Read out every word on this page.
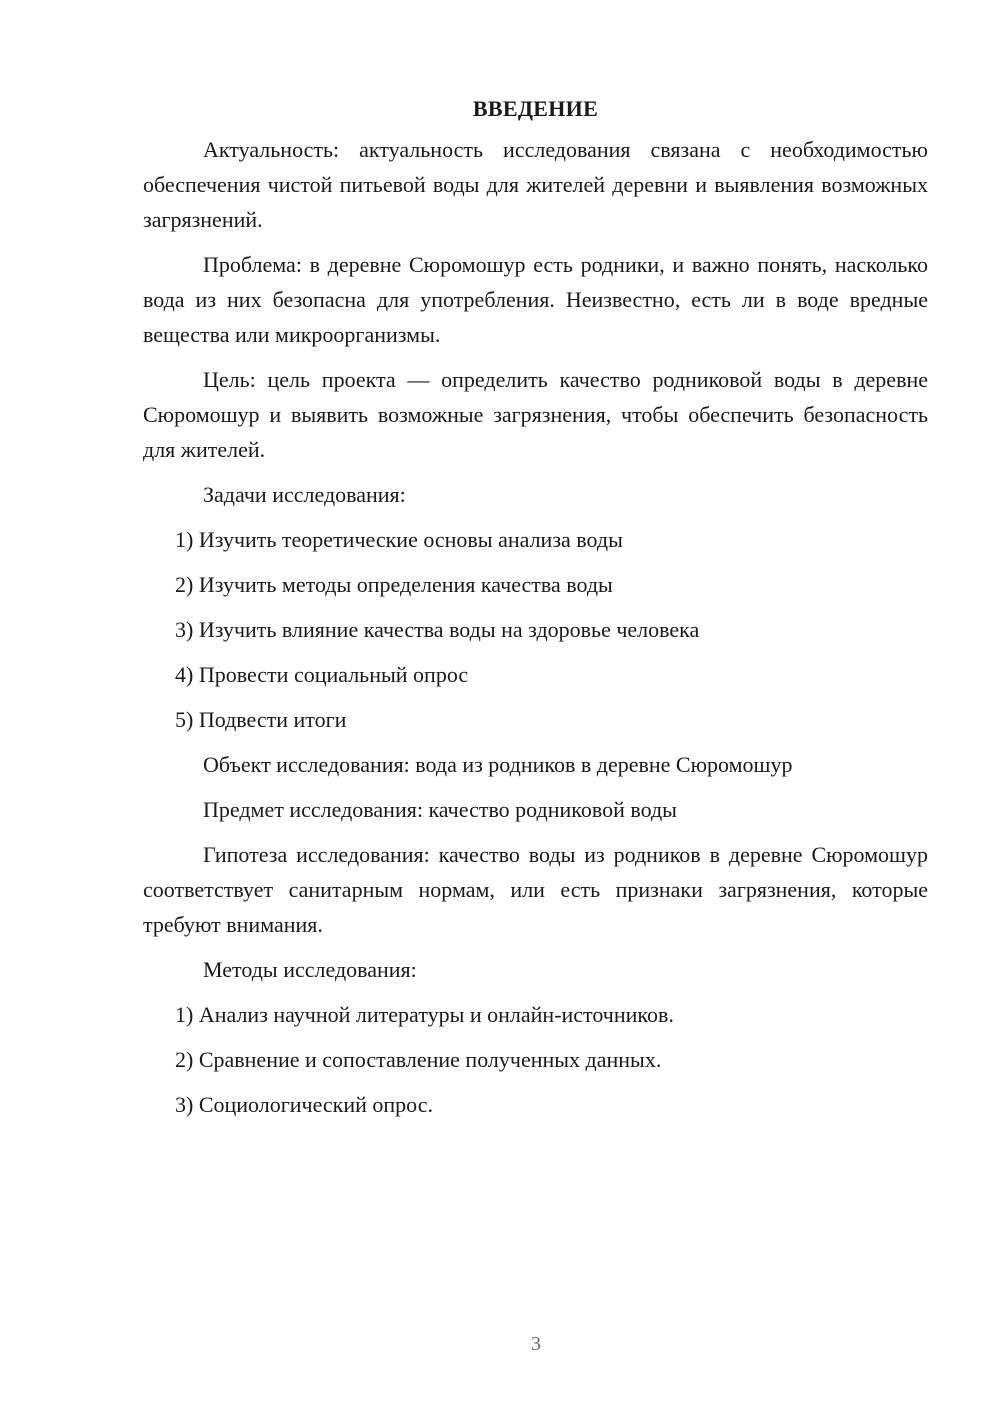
ВВЕДЕНИЕ

Актуальность: актуальность исследования связана с необходимостью обеспечения чистой питьевой воды для жителей деревни и выявления возможных загрязнений.

Проблема: в деревне Сюромошур есть родники, и важно понять, насколько вода из них безопасна для употребления. Неизвестно, есть ли в воде вредные вещества или микроорганизмы.

Цель: цель проекта — определить качество родниковой воды в деревне Сюромошур и выявить возможные загрязнения, чтобы обеспечить безопасность для жителей.

Задачи исследования:

1) Изучить теоретические основы анализа воды

2) Изучить методы определения качества воды

3) Изучить влияние качества воды на здоровье человека

4) Провести социальный опрос

5) Подвести итоги

Объект исследования: вода из родников в деревне Сюромошур

Предмет исследования: качество родниковой воды

Гипотеза исследования: качество воды из родников в деревне Сюромошур соответствует санитарным нормам, или есть признаки загрязнения, которые требуют внимания.

Методы исследования:

1) Анализ научной литературы и онлайн-источников.

2) Сравнение и сопоставление полученных данных.

3) Социологический опрос.

3
